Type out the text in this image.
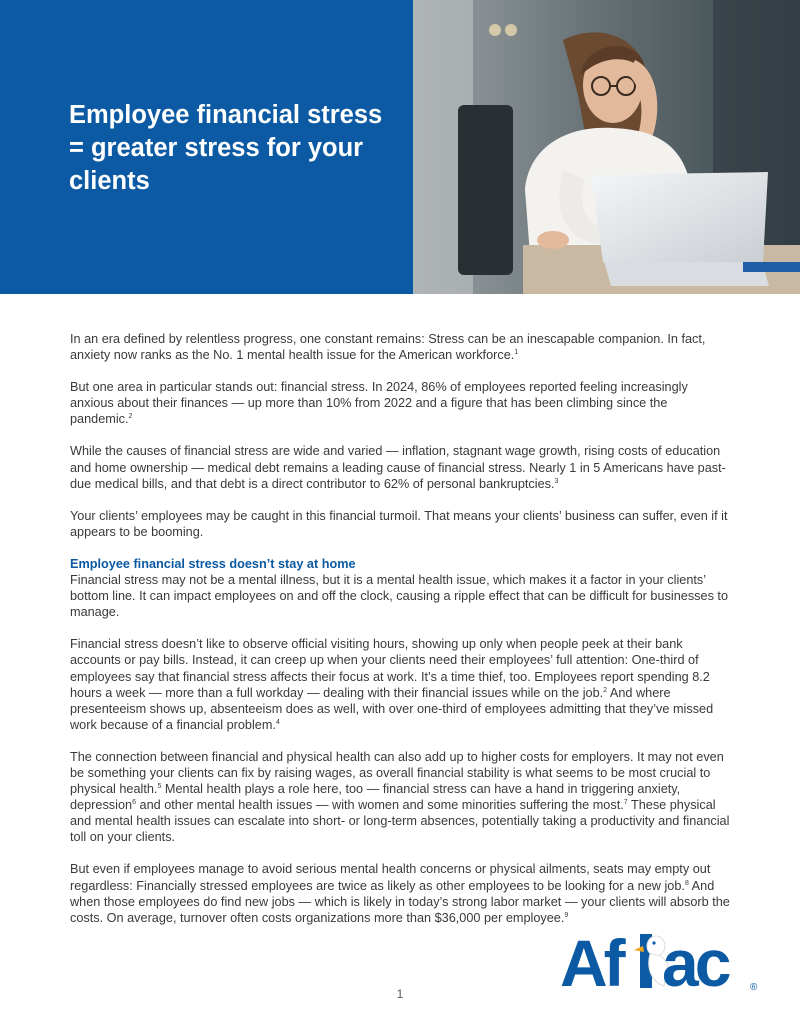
Employee financial stress = greater stress for your clients

In an era defined by relentless progress, one constant remains: Stress can be an inescapable companion. In fact, anxiety now ranks as the No. 1 mental health issue for the American workforce.$^1$

But one area in particular stands out: financial stress. In 2024, 86% of employees reported feeling increasingly anxious about their finances — up more than 10% from 2022 and a figure that has been climbing since the pandemic.$^2$

While the causes of financial stress are wide and varied — inflation, stagnant wage growth, rising costs of education and home ownership — medical debt remains a leading cause of financial stress. Nearly 1 in 5 Americans have past-due medical bills, and that debt is a direct contributor to 62% of personal bankruptcies.$^3$

Your clients’ employees may be caught in this financial turmoil. That means your clients’ business can suffer, even if it appears to be booming.

Employee financial stress doesn’t stay at home

Financial stress may not be a mental illness, but it is a mental health issue, which makes it a factor in your clients’ bottom line. It can impact employees on and off the clock, causing a ripple effect that can be difficult for businesses to manage.

Financial stress doesn’t like to observe official visiting hours, showing up only when people peek at their bank accounts or pay bills. Instead, it can creep up when your clients need their employees’ full attention: One-third of employees say that financial stress affects their focus at work. It’s a time thief, too. Employees report spending 8.2 hours a week — more than a full workday — dealing with their financial issues while on the job.$^2$ And where presenteeism shows up, absenteeism does as well, with over one-third of employees admitting that they’ve missed work because of a financial problem.$^4$

The connection between financial and physical health can also add up to higher costs for employers. It may not even be something your clients can fix by raising wages, as overall financial stability is what seems to be most crucial to physical health.$^5$ Mental health plays a role here, too — financial stress can have a hand in triggering anxiety, depression$^6$ and other mental health issues — with women and some minorities suffering the most.$^7$ These physical and mental health issues can escalate into short- or long-term absences, potentially taking a productivity and financial toll on your clients.

But even if employees manage to avoid serious mental health concerns or physical ailments, seats may empty out regardless: Financially stressed employees are twice as likely as other employees to be looking for a new job.$^8$ And when those employees do find new jobs — which is likely in today’s strong labor market — your clients will absorb the costs. On average, turnover often costs organizations more than $36,000 per employee.$^9$

Af ac ®
1
